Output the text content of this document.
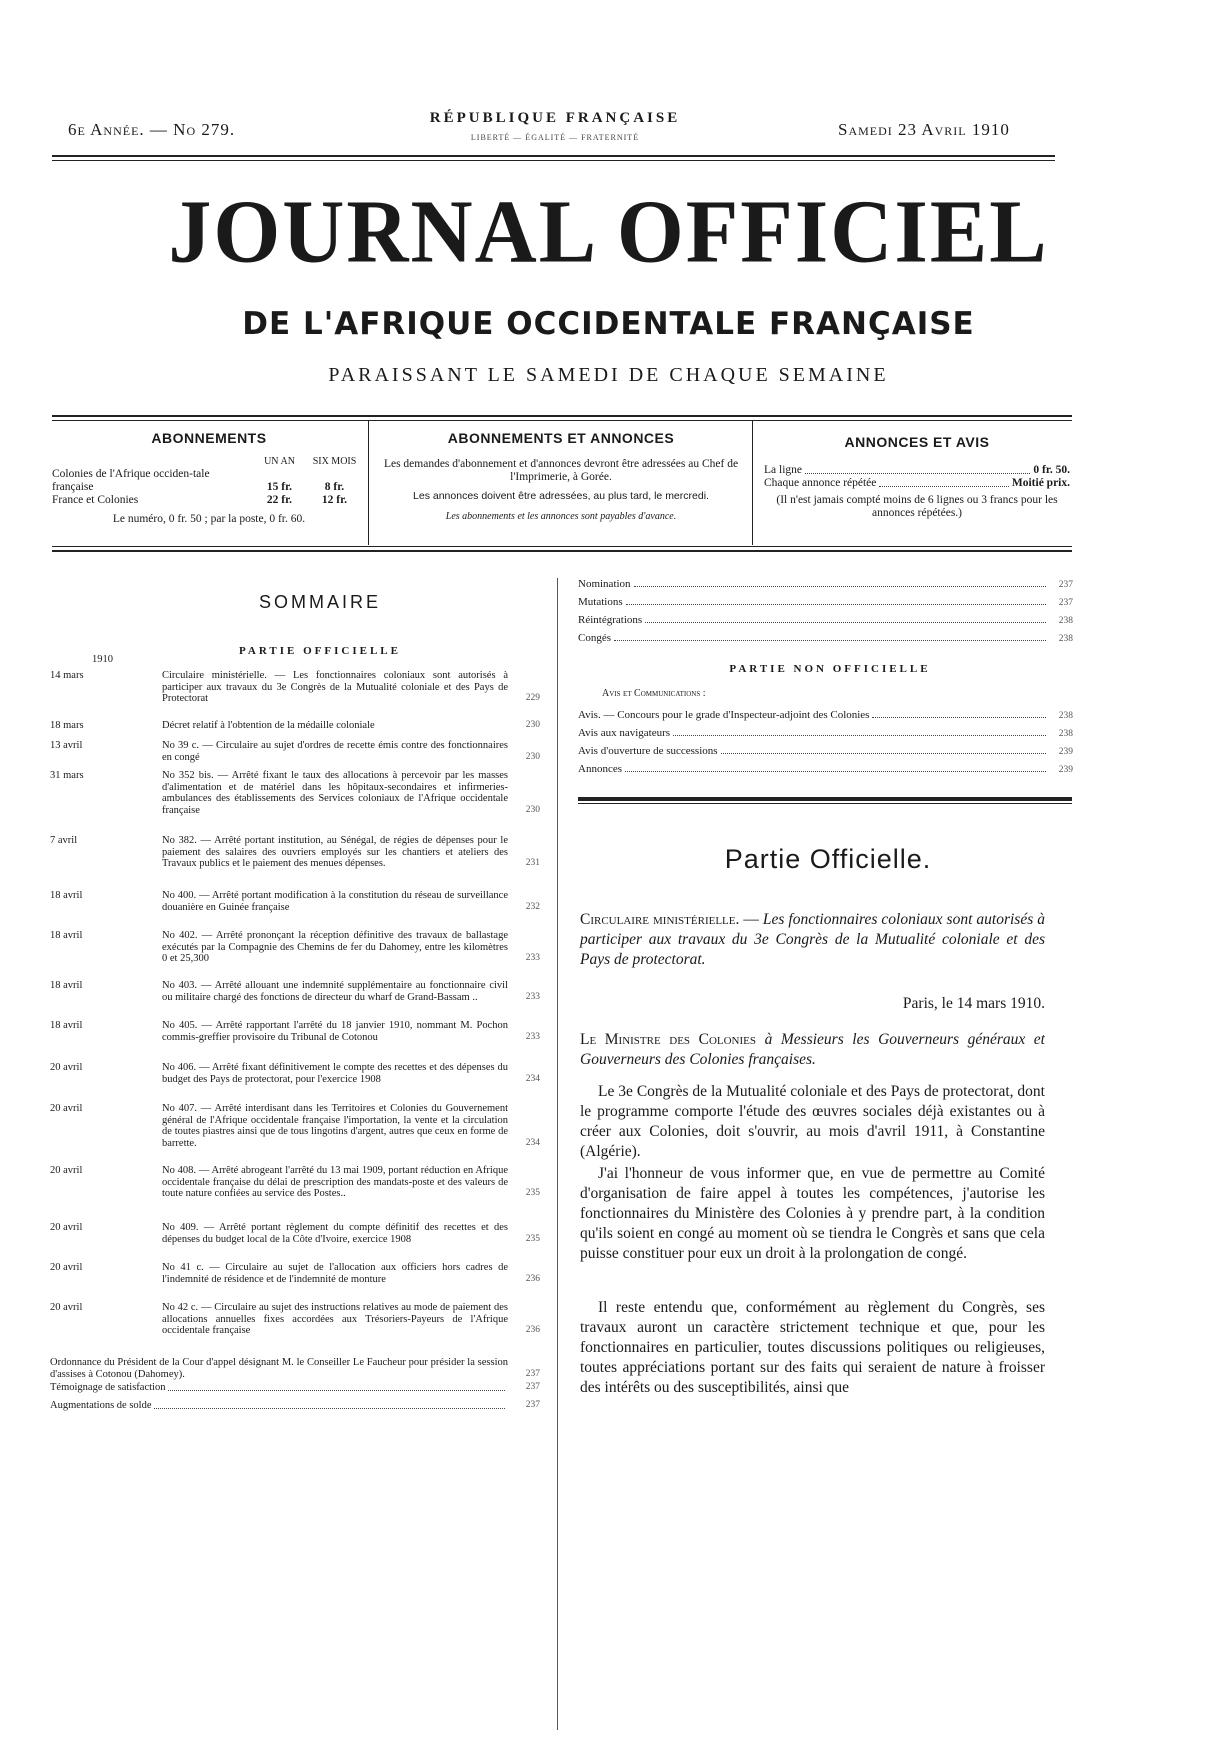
6e Année. — No 279.
RÉPUBLIQUE FRANÇAISE
LIBERTÉ — ÉGALITÉ — FRATERNITÉ	Samedi 23 Avril 1910
JOURNAL OFFICIEL
DE L'AFRIQUE OCCIDENTALE FRANÇAISE
PARAISSANT LE SAMEDI DE CHAQUE SEMAINE
ABONNEMENTS
UN AN	SIX MOIS
Colonies de l'Afrique occiden-tale française	15 fr.	8 fr.
France et Colonies	22 fr.	12 fr.
Le numéro, 0 fr. 50 ; par la poste, 0 fr. 60.
ABONNEMENTS ET ANNONCES
Les demandes d'abonnement et d'annonces devront être adressées au Chef de l'Imprimerie, à Gorée.
Les annonces doivent être adressées, au plus tard, le mercredi.
Les abonnements et les annonces sont payables d'avance.
ANNONCES ET AVIS
La ligne	0 fr. 50.
Chaque annonce répétée	Moitié prix.
(Il n'est jamais compté moins de 6 lignes ou 3 francs pour les annonces répétées.)
SOMMAIRE
PARTIE OFFICIELLE
1910
14 mars	Circulaire ministérielle. — Les fonctionnaires coloniaux sont autorisés à participer aux travaux du 3e Congrès de la Mutualité coloniale et des Pays de Protectorat	229
18 mars	Décret relatif à l'obtention de la médaille coloniale	230
13 avril	No 39 c. — Circulaire au sujet d'ordres de recette émis contre des fonctionnaires en congé	230
31 mars	No 352 bis. — Arrêté fixant le taux des allocations à percevoir par les masses d'alimentation et de matériel dans les hôpitaux-secondaires et infirmeries-ambulances des établissements des Services coloniaux de l'Afrique occidentale française	230
7 avril	No 382. — Arrêté portant institution, au Sénégal, de régies de dépenses pour le paiement des salaires des ouvriers employés sur les chantiers et ateliers des Travaux publics et le paiement des menues dépenses.	231
18 avril	No 400. — Arrêté portant modification à la constitution du réseau de surveillance douanière en Guinée française	232
18 avril	No 402. — Arrêté prononçant la réception définitive des travaux de ballastage exécutés par la Compagnie des Chemins de fer du Dahomey, entre les kilomètres 0 et 25,300	233
18 avril	No 403. — Arrêté allouant une indemnité supplémentaire au fonctionnaire civil ou militaire chargé des fonctions de directeur du wharf de Grand-Bassam ..	233
18 avril	No 405. — Arrêté rapportant l'arrêté du 18 janvier 1910, nommant M. Pochon commis-greffier provisoire du Tribunal de Cotonou	233
20 avril	No 406. — Arrêté fixant définitivement le compte des recettes et des dépenses du budget des Pays de protectorat, pour l'exercice 1908	234
20 avril	No 407. — Arrêté interdisant dans les Territoires et Colonies du Gouvernement général de l'Afrique occidentale française l'importation, la vente et la circulation de toutes piastres ainsi que de tous lingotins d'argent, autres que ceux en forme de barrette.	234
20 avril	No 408. — Arrêté abrogeant l'arrêté du 13 mai 1909, portant réduction en Afrique occidentale française du délai de prescription des mandats-poste et des valeurs de toute nature confiées au service des Postes..	235
20 avril	No 409. — Arrêté portant règlement du compte définitif des recettes et des dépenses du budget local de la Côte d'Ivoire, exercice 1908	235
20 avril	No 41 c. — Circulaire au sujet de l'allocation aux officiers hors cadres de l'indemnité de résidence et de l'indemnité de monture	236
20 avril	No 42 c. — Circulaire au sujet des instructions relatives au mode de paiement des allocations annuelles fixes accordées aux Trésoriers-Payeurs de l'Afrique occidentale française	236
Ordonnance du Président de la Cour d'appel désignant M. le Conseiller Le Faucheur pour présider la session d'assises à Cotonou (Dahomey).	237
Témoignage de satisfaction	237
Augmentations de solde	237
Nomination	237
Mutations	237
Réintégrations	238
Congés	238
PARTIE NON OFFICIELLE
Avis et Communications :
Avis. — Concours pour le grade d'Inspecteur-adjoint des Colonies	238
Avis aux navigateurs	238
Avis d'ouverture de successions	239
Annonces	239
Partie Officielle.
Circulaire ministérielle. — Les fonctionnaires coloniaux sont autorisés à participer aux travaux du 3e Congrès de la Mutualité coloniale et des Pays de protectorat.
Paris, le 14 mars 1910.
Le Ministre des Colonies à Messieurs les Gouverneurs généraux et Gouverneurs des Colonies françaises.
Le 3e Congrès de la Mutualité coloniale et des Pays de protectorat, dont le programme comporte l'étude des œuvres sociales déjà existantes ou à créer aux Colonies, doit s'ouvrir, au mois d'avril 1911, à Constantine (Algérie).
J'ai l'honneur de vous informer que, en vue de permettre au Comité d'organisation de faire appel à toutes les compétences, j'autorise les fonctionnaires du Ministère des Colonies à y prendre part, à la condition qu'ils soient en congé au moment où se tiendra le Congrès et sans que cela puisse constituer pour eux un droit à la prolongation de congé.
Il reste entendu que, conformément au règlement du Congrès, ses travaux auront un caractère strictement technique et que, pour les fonctionnaires en particulier, toutes discussions politiques ou religieuses, toutes appréciations portant sur des faits qui seraient de nature à froisser des intérêts ou des susceptibilités, ainsi que
